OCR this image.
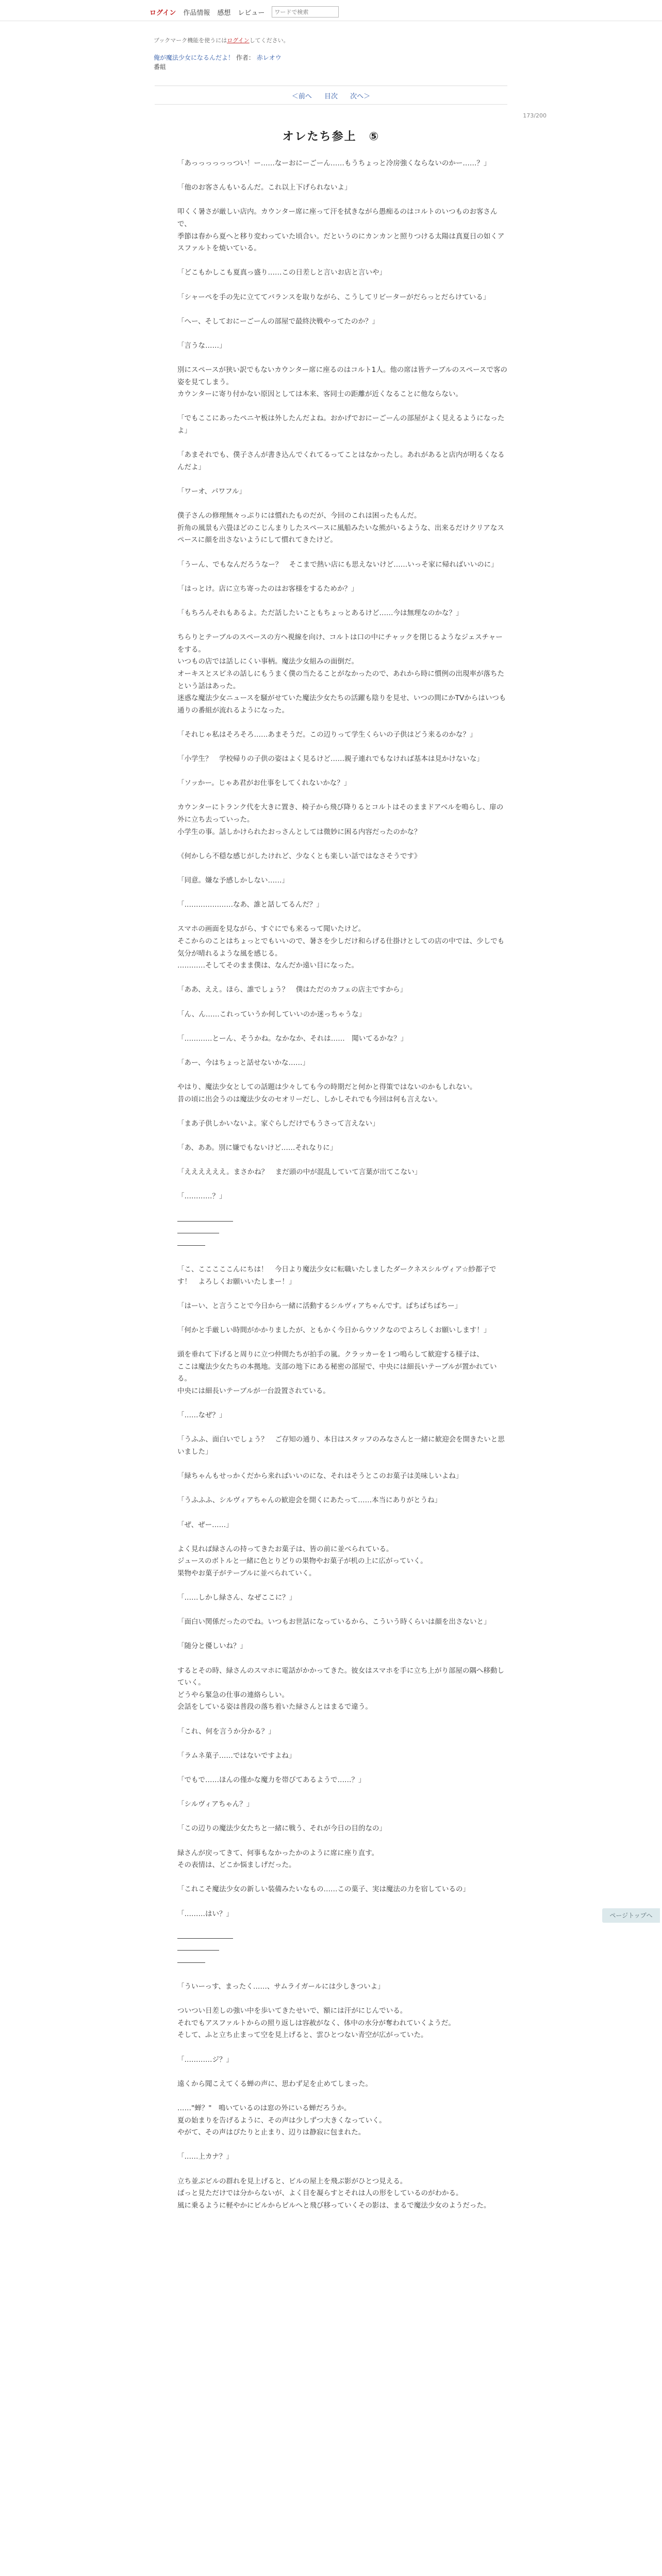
ログイン 作品情報 感想 レビュー
ワードで検索
ブックマーク機能を使うにはログインしてください。
俺が魔法少女になるんだよ！ 作者： 赤レオウ
番組
＜前へ 目次 次へ＞
173/200
オレたち参上　⑤

「あっっっっっっつい！ー……なーおにーごーん……もうちょっと冷房強くならないのかー……？」

「他のお客さんもいるんだ。これ以上下げられないよ」

叩くく暑さが厳しい店内。カウンター席に座って汗を拭きながら愚痴るのはコルトのいつものお客さんで、

季節は春から夏へと移り変わっていた頃合い。だというのにカンカンと照りつける太陽は真夏日の如くアスファルトを焼いている。

「どこもかしこも夏真っ盛り……この日差しと言いお店と言いや」

「シャーペを手の先に立ててバランスを取りながら、こうしてリビーターがだらっとだらけている」

「へー、そしておにーごーんの部屋で最終決戦やってたのか？」

「言うな……」

別にスペースが狭い訳でもないカウンター席に座るのはコルト1人。他の席は皆テーブルのスペースで客の姿を見てしまう。

カウンターに寄り付かない原因としては本来、客同士の距離が近くなることに他ならない。

「でもここにあったペニヤ板は外したんだよね。おかげでおにーごーんの部屋がよく見えるようになったよ」

「あまそれでも、僕子さんが書き込んでくれてるってことはなかったし。あれがあると店内が明るくなるんだよ」

「ワーオ、パワフル」

僕子さんの修理無々っぷりには慣れたものだが、今回のこれは困ったもんだ。

折角の風景も六畳ほどのこじんまりしたスペースに風船みたいな熊がいるような、出来るだけクリアなスペースに顔を出さないようにして慣れてきたけど。

「うーん、でもなんだろうなー？　そこまで熱い店にも思えないけど……いっそ家に帰ればいいのに」

「はっとけ。店に立ち寄ったのはお客様をするためか？」

「もちろんそれもあるよ。ただ話したいこともちょっとあるけど……今は無理なのかな？」

ちらりとテーブルのスペースの方へ視線を向け、コルトは口の中にチャックを閉じるようなジェスチャーをする。

いつもの店では話しにくい事柄。魔法少女組みの面倒だ。

オーキスとスピネの話しにもうまく僕の当たることがなかったので、あれから時に慣例の出現率が落ちたという話はあった。

迷惑な魔法少女ニュースを騒がせていた魔法少女たちの活躍も陰りを見せ、いつの間にかTVからはいつも通りの番組が流れるようになった。

「それじゃ私はそろそろ……あまそうだ。この辺りって学生くらいの子供はどう来るのかな？」

「小学生？　学校帰りの子供の姿はよく見るけど……親子連れでもなければ基本は見かけないな」

「ソッかー。じゃあ君がお仕事をしてくれないかな？」

カウンターにトランク代を大きに置き、椅子から飛び降りるとコルトはそのままドアベルを鳴らし、扉の外に立ち去っていった。

小学生の事。話しかけられたおっさんとしては微妙に困る内容だったのかな？

《何かしら不穏な感じがしたけれど、少なくとも楽しい話ではなさそうです》

「同意。嫌な予感しかしない……」

「…………………なあ、誰と話してるんだ？」

スマホの画面を見ながら、すぐにでも来るって聞いたけど。

そこからのことはちょっとでもいいので、暑さを少しだけ和らげる仕掛けとしての店の中では、少しでも気分が晴れるような風を感じる。

…………そしてそのまま僕は、なんだか遠い目になった。

「ああ、ええ。ほら、誰でしょう？　僕はただのカフェの店主ですから」

「ん、ん……これっていうか何していいのか迷っちゃうな」

「…………とーん、そうかね。なかなか、それは……　聞いてるかな？」

「あー、今はちょっと話せないかな……」

やはり、魔法少女としての話題は少々しても今の時期だと何かと得策ではないのかもしれない。

昔の頃に出会うのは魔法少女のセオリーだし、しかしそれでも今回は何も言えない。

「まあ子供しかいないよ。家ぐらしだけでもうさって言えない」

「あ、ああ。別に嫌でもないけど……それなりに」

「ええええええ。まさかね？　まだ頭の中が混乱していて言葉が出てこない」

「…………？」

――――――――

――――――

――――

「こ、こここここんにちは！　今日より魔法少女に転職いたしましたダークネスシルヴィア☆紗都子です！　よろしくお願いいたしまー！」

「はーい、と言うことで今日から一緒に活動するシルヴィアちゃんです。ぱちぱちぱちー」

「何かと手厳しい時間がかかりましたが、ともかく今日からウソクなのでよろしくお願いします！」

頭を垂れて下げると周りに立つ仲間たちが拍手の嵐。クラッカーを１つ鳴らして歓迎する様子は、

ここは魔法少女たちの本拠地。支部の地下にある秘密の部屋で、中央には細長いテーブルが置かれている。

中央には細長いテーブルが一台設置されている。

「……なぜ？」

「うふふ、面白いでしょう？　ご存知の通り、本日はスタッフのみなさんと一緒に歓迎会を開きたいと思いました」

「緑ちゃんもせっかくだから来ればいいのにな、それはそうとこのお菓子は美味しいよね」

「うふふふ、シルヴィアちゃんの歓迎会を開くにあたって……本当にありがとうね」

「ぜ、ぜー……」

よく見れば緑さんの持ってきたお菓子は、皆の前に並べられている。

ジュースのボトルと一緒に色とりどりの果物やお菓子が机の上に広がっていく。

果物やお菓子がテーブルに並べられていく。

「……しかし緑さん、なぜここに？」

「面白い関係だったのでね。いつもお世話になっているから、こういう時くらいは顔を出さないと」

「随分と優しいね？」

するとその時、緑さんのスマホに電話がかかってきた。彼女はスマホを手に立ち上がり部屋の隅へ移動していく。

どうやら緊急の仕事の連絡らしい。

会話をしている姿は普段の落ち着いた緑さんとはまるで違う。

「これ、何を言うか分かる？」

「ラムネ菓子……ではないですよね」

「でもで……ほんの僅かな魔力を帯びてあるようで……？」

「シルヴィアちゃん？」

「この辺りの魔法少女たちと一緒に戦う、それが今日の目的なの」

緑さんが戻ってきて、何事もなかったかのように席に座り直す。

その表情は、どこか悩ましげだった。

「これこそ魔法少女の新しい装備みたいなもの……この菓子、実は魔法の力を宿しているの」

「………はい？」

――――――――

――――――

――――

「ういーっす、まったく……、サムライガールには少しきついよ」

ついつい日差しの強い中を歩いてきたせいで、額には汗がにじんでいる。

それでもアスファルトからの照り返しは容赦がなく、体中の水分が奪われていくようだ。

そして、ふと立ち止まって空を見上げると、雲ひとつない青空が広がっていた。

「…………ジ？」

遠くから聞こえてくる蝉の声に、思わず足を止めてしまった。

……"蝉？"　鳴いているのは窓の外にいる蝉だろうか。

夏の始まりを告げるように、その声は少しずつ大きくなっていく。

やがて、その声はぴたりと止まり、辺りは静寂に包まれた。

「……上カナ？」

立ち並ぶビルの群れを見上げると、ビルの屋上を飛ぶ影がひとつ見える。

ぱっと見ただけでは分からないが、よく目を凝らすとそれは人の形をしているのがわかる。

風に乗るように軽やかにビルからビルへと飛び移っていくその影は、まるで魔法少女のようだった。

ページトップへ
